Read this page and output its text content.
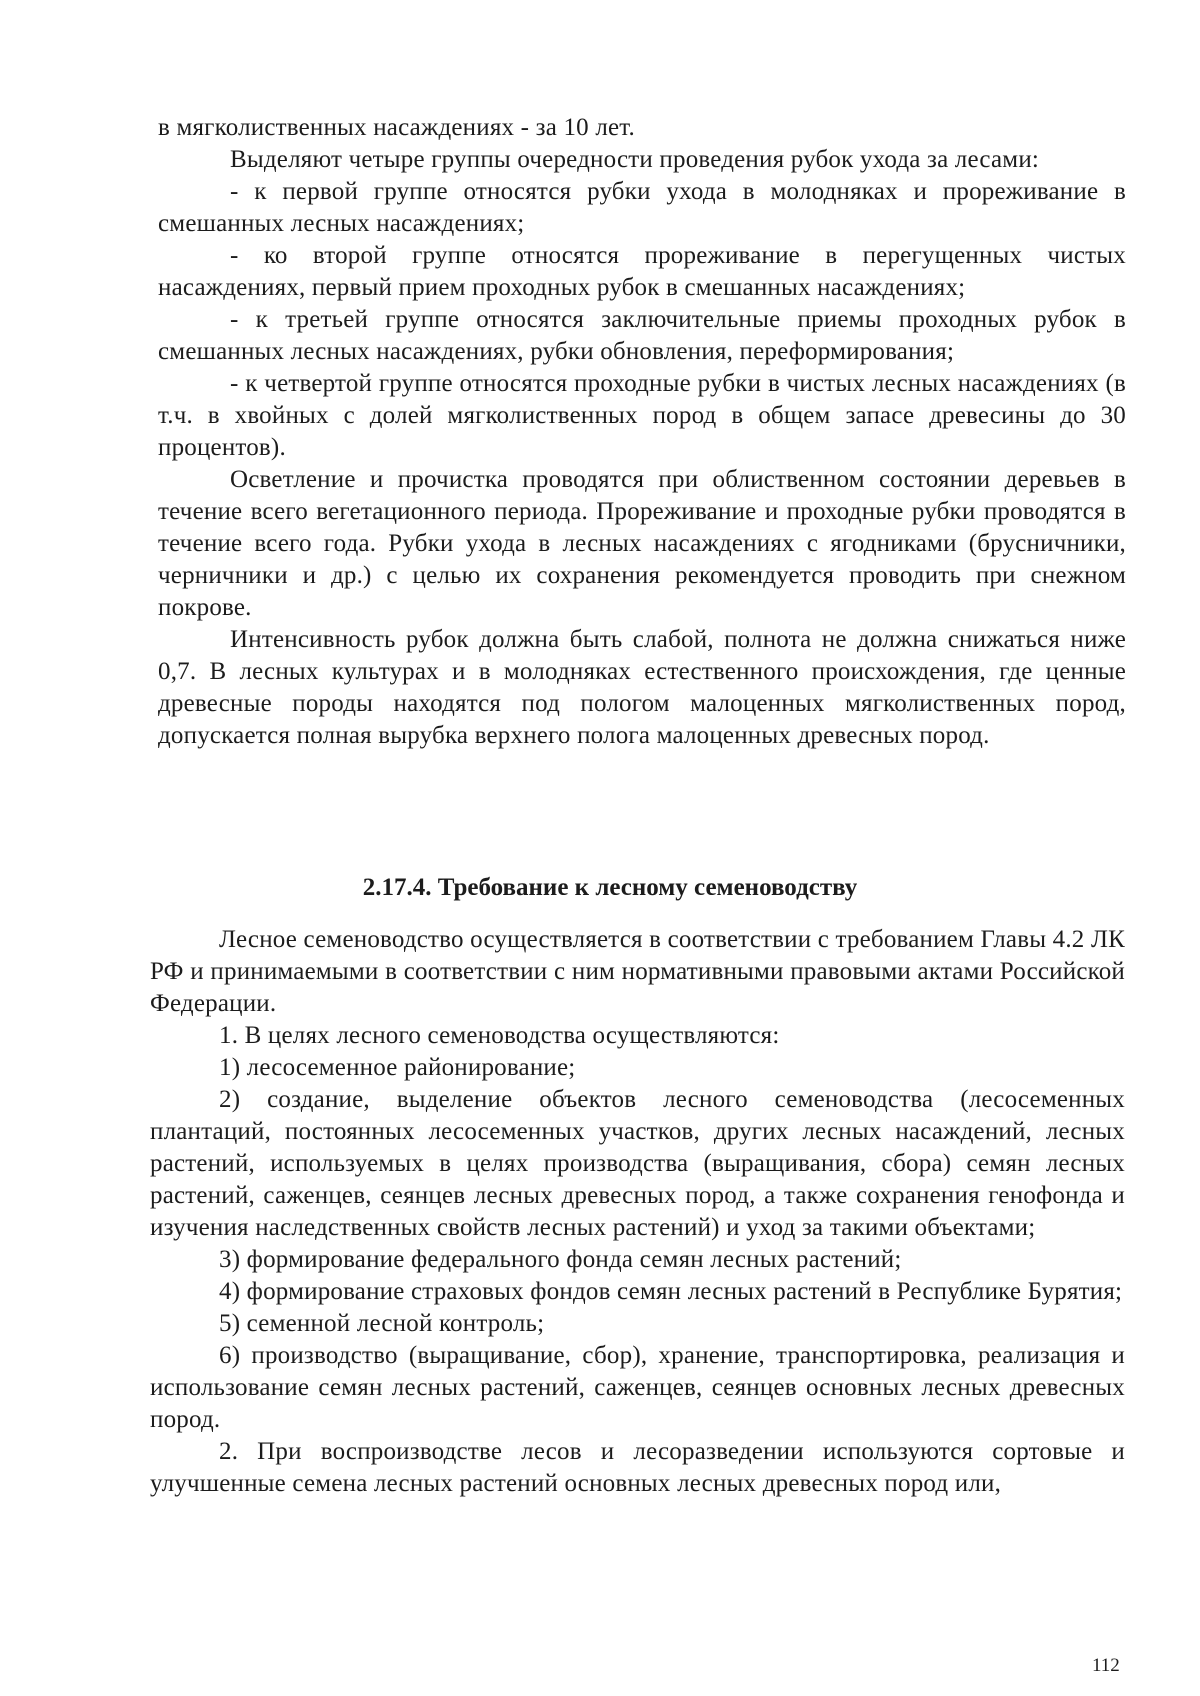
в мягколиственных насаждениях - за 10 лет.

Выделяют четыре группы очередности проведения рубок ухода за лесами:

- к первой группе относятся рубки ухода в молодняках и прореживание в смешанных лесных насаждениях;

- ко второй группе относятся прореживание в перегущенных чистых насаждениях, первый прием проходных рубок в смешанных насаждениях;

- к третьей группе относятся заключительные приемы проходных рубок в смешанных лесных насаждениях, рубки обновления, переформирования;

- к четвертой группе относятся проходные рубки в чистых лесных насаждениях (в т.ч. в хвойных с долей мягколиственных пород в общем запасе древесины до 30 процентов).

Осветление и прочистка проводятся при облиственном состоянии деревьев в течение всего вегетационного периода. Прореживание и проходные рубки проводятся в течение всего года. Рубки ухода в лесных насаждениях с ягодниками (брусничники, черничники и др.) с целью их сохранения рекомендуется проводить при снежном покрове.

Интенсивность рубок должна быть слабой, полнота не должна снижаться ниже 0,7. В лесных культурах и в молодняках естественного происхождения, где ценные древесные породы находятся под пологом малоценных мягколиственных пород, допускается полная вырубка верхнего полога малоценных древесных пород.

2.17.4. Требование к лесному семеноводству

Лесное семеноводство осуществляется в соответствии с требованием Главы 4.2 ЛК РФ и принимаемыми в соответствии с ним нормативными правовыми актами Российской Федерации.

1. В целях лесного семеноводства осуществляются:

1) лесосеменное районирование;

2) создание, выделение объектов лесного семеноводства (лесосеменных плантаций, постоянных лесосеменных участков, других лесных насаждений, лесных растений, используемых в целях производства (выращивания, сбора) семян лесных растений, саженцев, сеянцев лесных древесных пород, а также сохранения генофонда и изучения наследственных свойств лесных растений) и уход за такими объектами;

3) формирование федерального фонда семян лесных растений;

4) формирование страховых фондов семян лесных растений в Республике Бурятия;

5) семенной лесной контроль;

6) производство (выращивание, сбор), хранение, транспортировка, реализация и использование семян лесных растений, саженцев, сеянцев основных лесных древесных пород.

2. При воспроизводстве лесов и лесоразведении используются сортовые и улучшенные семена лесных растений основных лесных древесных пород или,

112
